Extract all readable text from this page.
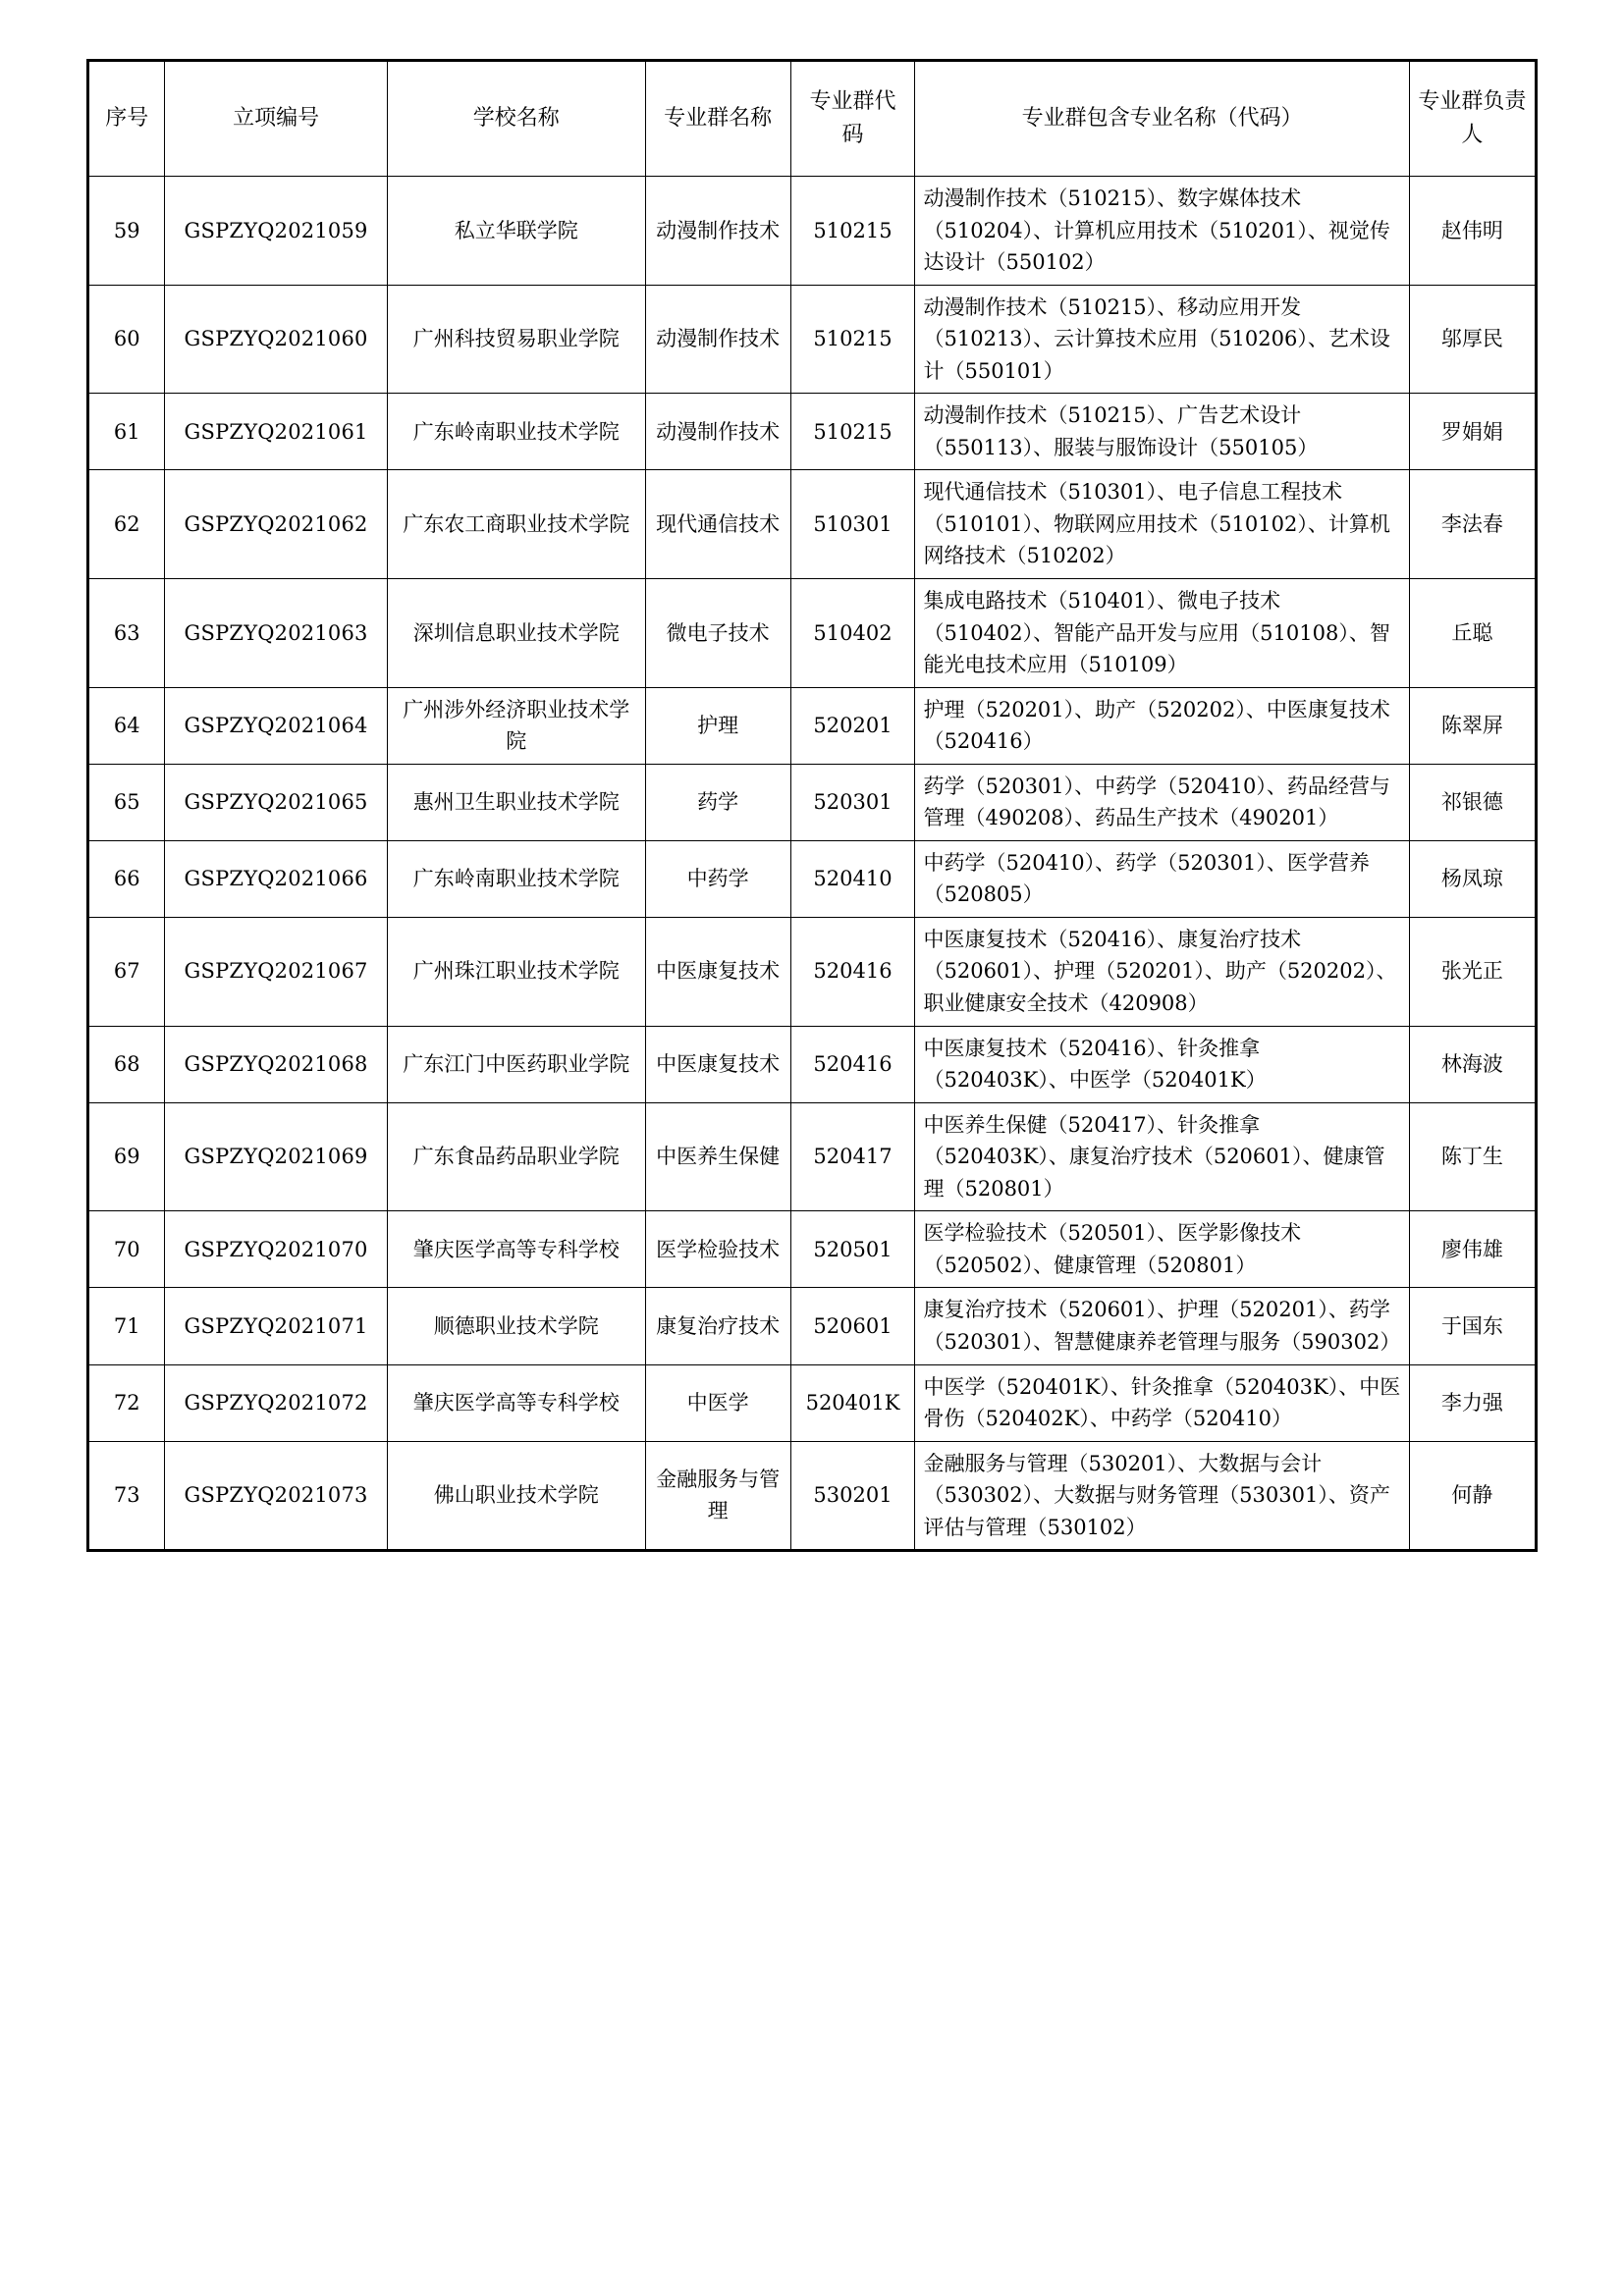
序号	立项编号	学校名称	专业群名称	专业群代码	专业群包含专业名称（代码）	专业群负责人
59	GSPZYQ2021059	私立华联学院	动漫制作技术	510215	动漫制作技术（510215）、数字媒体技术（510204）、计算机应用技术（510201）、视觉传达设计（550102）	赵伟明
60	GSPZYQ2021060	广州科技贸易职业学院	动漫制作技术	510215	动漫制作技术（510215）、移动应用开发（510213）、云计算技术应用（510206）、艺术设计（550101）	邬厚民
61	GSPZYQ2021061	广东岭南职业技术学院	动漫制作技术	510215	动漫制作技术（510215）、广告艺术设计（550113）、服装与服饰设计（550105）	罗娟娟
62	GSPZYQ2021062	广东农工商职业技术学院	现代通信技术	510301	现代通信技术（510301）、电子信息工程技术（510101）、物联网应用技术（510102）、计算机网络技术（510202）	李法春
63	GSPZYQ2021063	深圳信息职业技术学院	微电子技术	510402	集成电路技术（510401）、微电子技术（510402）、智能产品开发与应用（510108）、智能光电技术应用（510109）	丘聪
64	GSPZYQ2021064	广州涉外经济职业技术学院	护理	520201	护理（520201）、助产（520202）、中医康复技术（520416）	陈翠屏
65	GSPZYQ2021065	惠州卫生职业技术学院	药学	520301	药学（520301）、中药学（520410）、药品经营与管理（490208）、药品生产技术（490201）	祁银德
66	GSPZYQ2021066	广东岭南职业技术学院	中药学	520410	中药学（520410）、药学（520301）、医学营养（520805）	杨凤琼
67	GSPZYQ2021067	广州珠江职业技术学院	中医康复技术	520416	中医康复技术（520416）、康复治疗技术（520601）、护理（520201）、助产（520202）、职业健康安全技术（420908）	张光正
68	GSPZYQ2021068	广东江门中医药职业学院	中医康复技术	520416	中医康复技术（520416）、针灸推拿（520403K）、中医学（520401K）	林海波
69	GSPZYQ2021069	广东食品药品职业学院	中医养生保健	520417	中医养生保健（520417）、针灸推拿（520403K）、康复治疗技术（520601）、健康管理（520801）	陈丁生
70	GSPZYQ2021070	肇庆医学高等专科学校	医学检验技术	520501	医学检验技术（520501）、医学影像技术（520502）、健康管理（520801）	廖伟雄
71	GSPZYQ2021071	顺德职业技术学院	康复治疗技术	520601	康复治疗技术（520601）、护理（520201）、药学（520301）、智慧健康养老管理与服务（590302）	于国东
72	GSPZYQ2021072	肇庆医学高等专科学校	中医学	520401K	中医学（520401K）、针灸推拿（520403K）、中医骨伤（520402K）、中药学（520410）	李力强
73	GSPZYQ2021073	佛山职业技术学院	金融服务与管理	530201	金融服务与管理（530201）、大数据与会计（530302）、大数据与财务管理（530301）、资产评估与管理（530102）	何静
